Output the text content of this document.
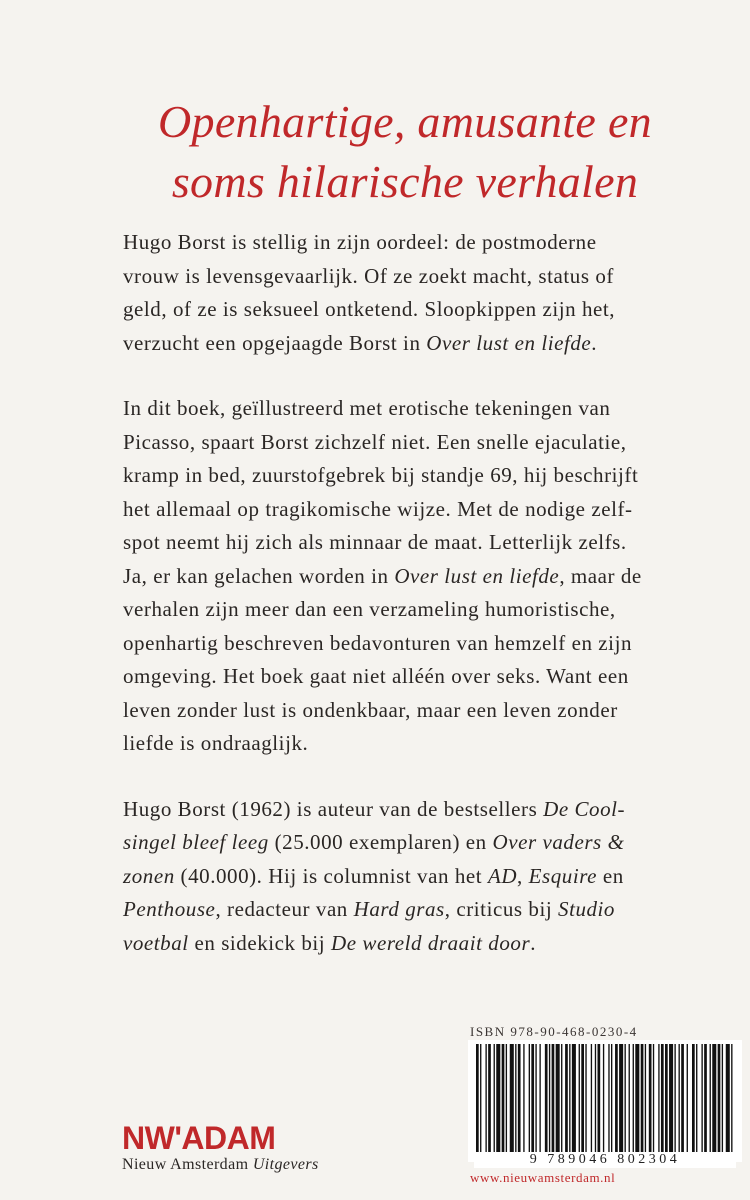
Openhartige, amusante en
soms hilarische verhalen

Hugo Borst is stellig in zijn oordeel: de postmoderne
vrouw is levensgevaarlijk. Of ze zoekt macht, status of
geld, of ze is seksueel ontketend. Sloopkippen zijn het,
verzucht een opgejaagde Borst in Over lust en liefde.

In dit boek, geïllustreerd met erotische tekeningen van
Picasso, spaart Borst zichzelf niet. Een snelle ejaculatie,
kramp in bed, zuurstofgebrek bij standje 69, hij beschrijft
het allemaal op tragikomische wijze. Met de nodige zelf-
spot neemt hij zich als minnaar de maat. Letterlijk zelfs.
Ja, er kan gelachen worden in Over lust en liefde, maar de
verhalen zijn meer dan een verzameling humoristische,
openhartig beschreven bedavonturen van hemzelf en zijn
omgeving. Het boek gaat niet alléén over seks. Want een
leven zonder lust is ondenkbaar, maar een leven zonder
liefde is ondraaglijk.

Hugo Borst (1962) is auteur van de bestsellers De Cool-
singel bleef leeg (25.000 exemplaren) en Over vaders &
zonen (40.000). Hij is columnist van het AD, Esquire en
Penthouse, redacteur van Hard gras, criticus bij Studio
voetbal en sidekick bij De wereld draait door.

ISBN 978-90-468-0230-4
9 789046 802304
www.nieuwamsterdam.nl
NW'ADAM
Nieuw Amsterdam Uitgevers
